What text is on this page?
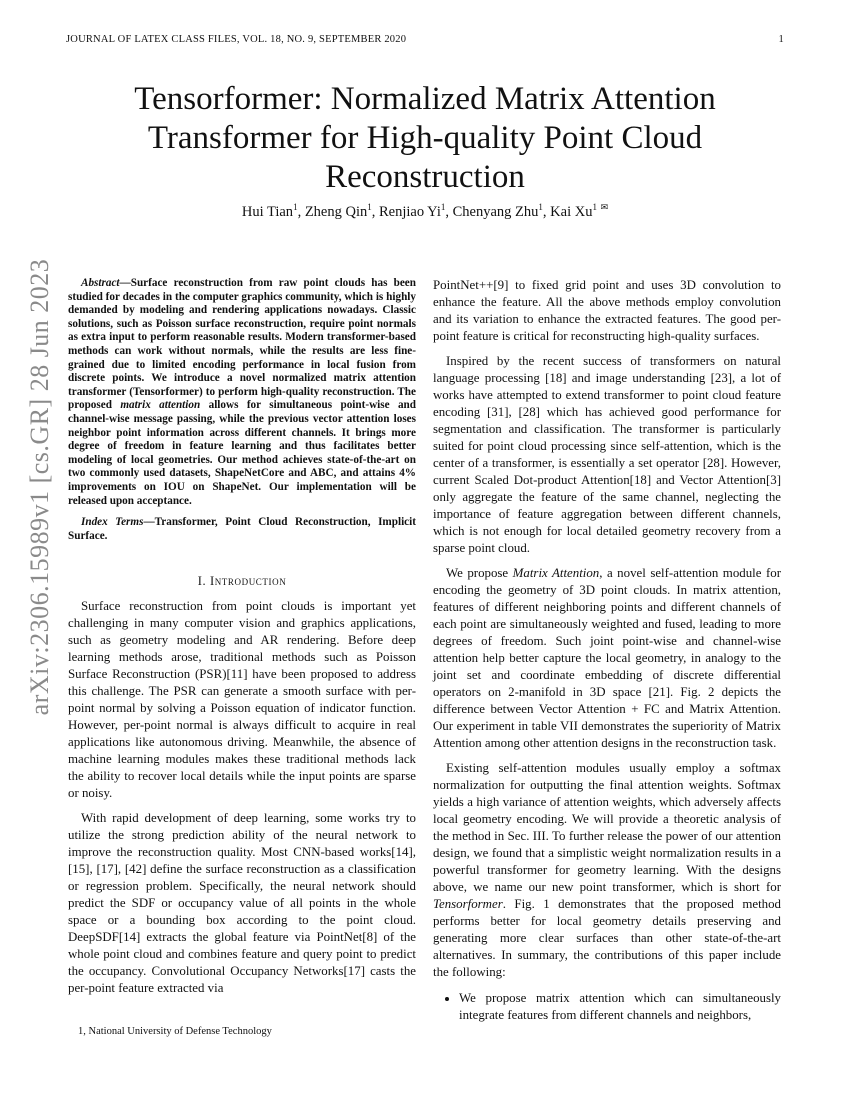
JOURNAL OF LATEX CLASS FILES, VOL. 18, NO. 9, SEPTEMBER 2020	1
arXiv:2306.15989v1 [cs.GR] 28 Jun 2023
Tensorformer: Normalized Matrix Attention Transformer for High-quality Point Cloud Reconstruction
Hui Tian$^1$, Zheng Qin$^1$, Renjiao Yi$^1$, Chenyang Zhu$^1$, Kai Xu$^1$ ✉

Abstract—Surface reconstruction from raw point clouds has been studied for decades in the computer graphics community, which is highly demanded by modeling and rendering applications nowadays. Classic solutions, such as Poisson surface reconstruction, require point normals as extra input to perform reasonable results. Modern transformer-based methods can work without normals, while the results are less fine-grained due to limited encoding performance in local fusion from discrete points. We introduce a novel normalized matrix attention transformer (Tensorformer) to perform high-quality reconstruction. The proposed matrix attention allows for simultaneous point-wise and channel-wise message passing, while the previous vector attention loses neighbor point information across different channels. It brings more degree of freedom in feature learning and thus facilitates better modeling of local geometries. Our method achieves state-of-the-art on two commonly used datasets, ShapeNetCore and ABC, and attains 4% improvements on IOU on ShapeNet. Our implementation will be released upon acceptance.

Index Terms—Transformer, Point Cloud Reconstruction, Implicit Surface.

I. Introduction

Surface reconstruction from point clouds is important yet challenging in many computer vision and graphics applications, such as geometry modeling and AR rendering. Before deep learning methods arose, traditional methods such as Poisson Surface Reconstruction (PSR)[11] have been proposed to address this challenge. The PSR can generate a smooth surface with per-point normal by solving a Poisson equation of indicator function. However, per-point normal is always difficult to acquire in real applications like autonomous driving. Meanwhile, the absence of machine learning modules makes these traditional methods lack the ability to recover local details while the input points are sparse or noisy.

With rapid development of deep learning, some works try to utilize the strong prediction ability of the neural network to improve the reconstruction quality. Most CNN-based works[14], [15], [17], [42] define the surface reconstruction as a classification or regression problem. Specifically, the neural network should predict the SDF or occupancy value of all points in the whole space or a bounding box according to the point cloud. DeepSDF[14] extracts the global feature via PointNet[8] of the whole point cloud and combines feature and query point to predict the occupancy. Convolutional Occupancy Networks[17] casts the per-point feature extracted via

PointNet++[9] to fixed grid point and uses 3D convolution to enhance the feature. All the above methods employ convolution and its variation to enhance the extracted features. The good per-point feature is critical for reconstructing high-quality surfaces.

Inspired by the recent success of transformers on natural language processing [18] and image understanding [23], a lot of works have attempted to extend transformer to point cloud feature encoding [31], [28] which has achieved good performance for segmentation and classification. The transformer is particularly suited for point cloud processing since self-attention, which is the center of a transformer, is essentially a set operator [28]. However, current Scaled Dot-product Attention[18] and Vector Attention[3] only aggregate the feature of the same channel, neglecting the importance of feature aggregation between different channels, which is not enough for local detailed geometry recovery from a sparse point cloud.

We propose Matrix Attention, a novel self-attention module for encoding the geometry of 3D point clouds. In matrix attention, features of different neighboring points and different channels of each point are simultaneously weighted and fused, leading to more degrees of freedom. Such joint point-wise and channel-wise attention help better capture the local geometry, in analogy to the joint set and coordinate embedding of discrete differential operators on 2-manifold in 3D space [21]. Fig. 2 depicts the difference between Vector Attention + FC and Matrix Attention. Our experiment in table VII demonstrates the superiority of Matrix Attention among other attention designs in the reconstruction task.

Existing self-attention modules usually employ a softmax normalization for outputting the final attention weights. Softmax yields a high variance of attention weights, which adversely affects local geometry encoding. We will provide a theoretic analysis of the method in Sec. III. To further release the power of our attention design, we found that a simplistic weight normalization results in a powerful transformer for geometry learning. With the designs above, we name our new point transformer, which is short for Tensorformer. Fig. 1 demonstrates that the proposed method performs better for local geometry details preserving and generating more clear surfaces than other state-of-the-art alternatives. In summary, the contributions of this paper include the following:

• We propose matrix attention which can simultaneously integrate features from different channels and neighbors,
1, National University of Defense Technology
